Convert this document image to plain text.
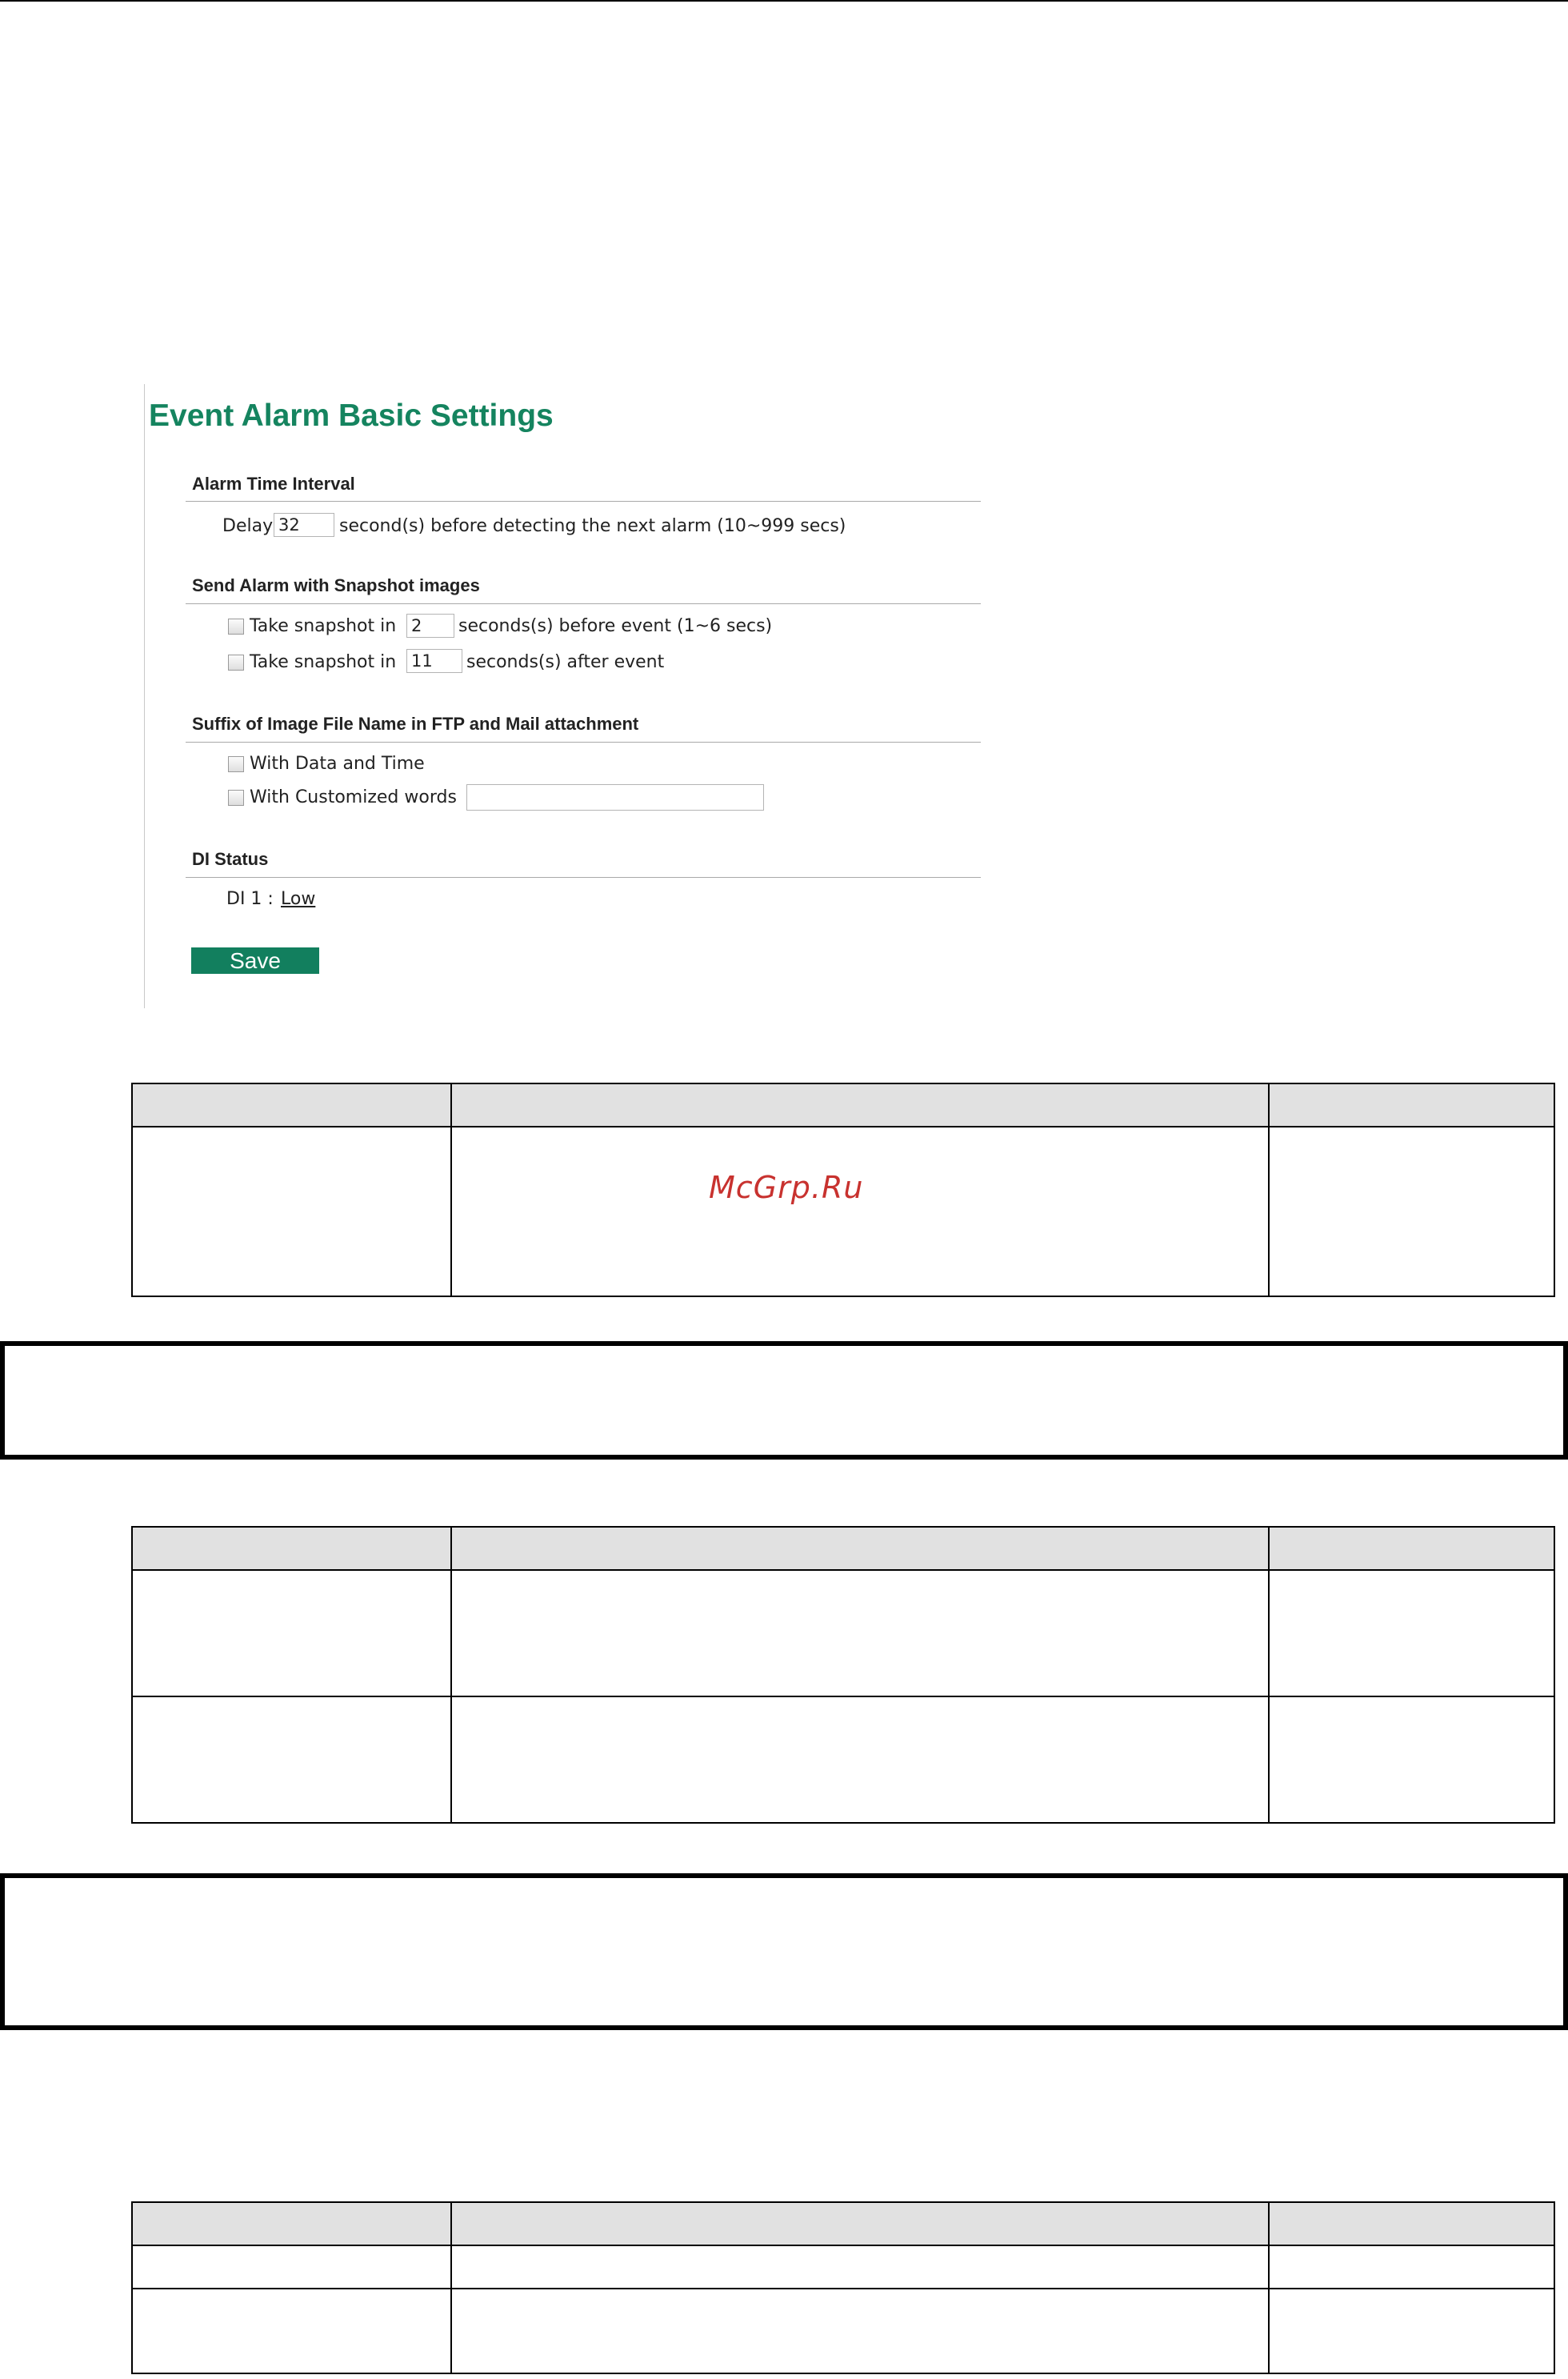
Event Alarm Basic Settings
Alarm Time Interval
Delay
32	second(s) before detecting the next alarm (10~999 secs)
Send Alarm with Snapshot images
Take snapshot in
2	seconds(s) before event (1~6 secs)
Take snapshot in
11	seconds(s) after event
Suffix of Image File Name in FTP and Mail attachment
With Data and Time
With Customized words
DI Status
DI 1 : Low
Save

McGrp.Ru
